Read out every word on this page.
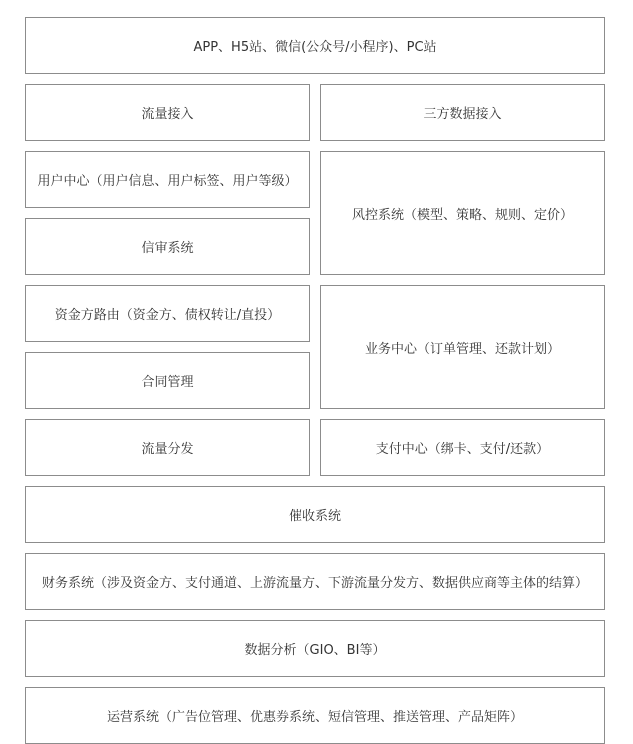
APP、H5站、微信(公众号/小程序)、PC站
流量接入	三方数据接入
用户中心（用户信息、用户标签、用户等级）
风控系统（模型、策略、规则、定价）
信审系统
资金方路由（资金方、债权转让/直投）
业务中心（订单管理、还款计划）
合同管理
流量分发	支付中心（绑卡、支付/还款）
催收系统
财务系统（涉及资金方、支付通道、上游流量方、下游流量分发方、数据供应商等主体的结算）
数据分析（GIO、BI等）
运营系统（广告位管理、优惠券系统、短信管理、推送管理、产品矩阵）
